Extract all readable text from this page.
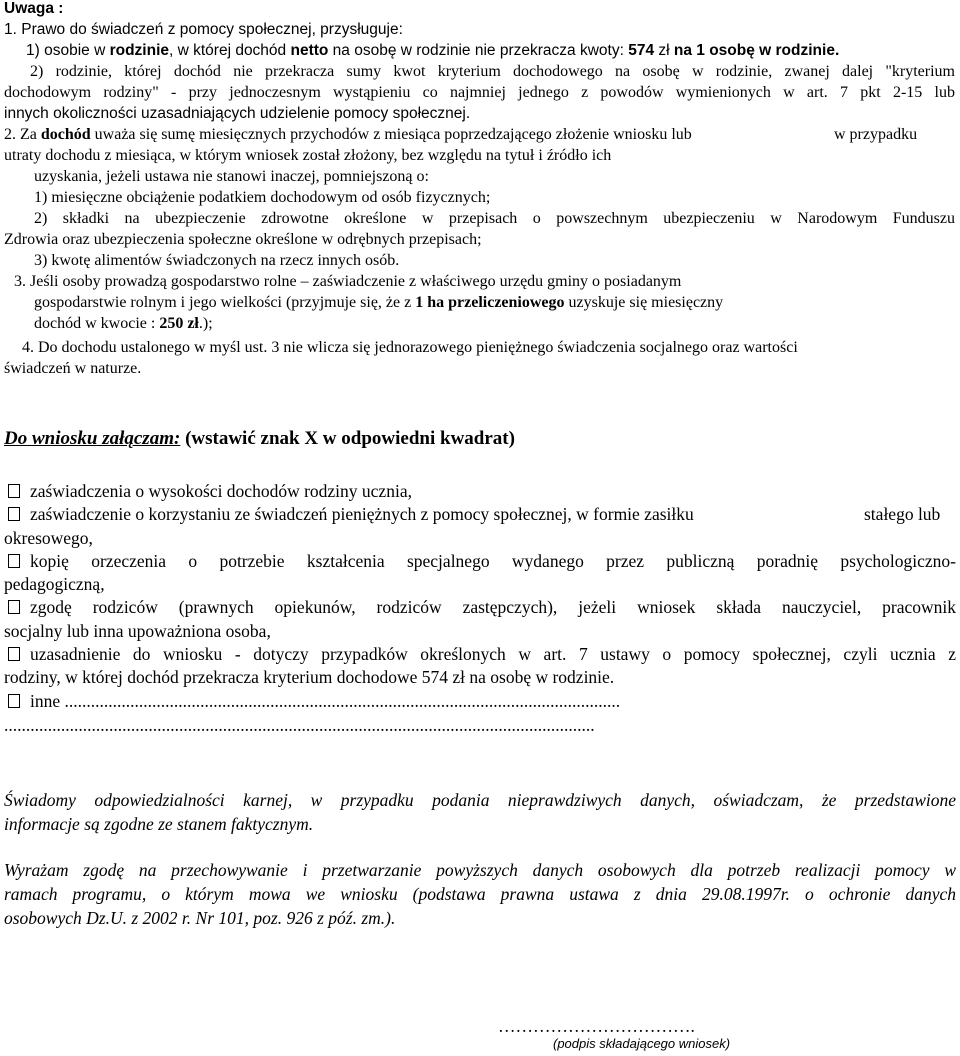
Uwaga :
1. Prawo do świadczeń z pomocy społecznej, przysługuje:
1) osobie w rodzinie, w której dochód netto na osobę w rodzinie nie przekracza kwoty: 574 zł na 1 osobę w rodzinie.
2) rodzinie, której dochód nie przekracza sumy kwot kryterium dochodowego na osobę w rodzinie, zwanej dalej "kryterium
dochodowym rodziny" - przy jednoczesnym wystąpieniu co najmniej jednego z powodów wymienionych w art. 7 pkt 2-15 lub
innych okoliczności uzasadniających udzielenie pomocy społecznej.
2. Za dochód uważa się sumę miesięcznych przychodów z miesiąca poprzedzającego złożenie wniosku lub	w przypadku
utraty dochodu z miesiąca, w którym wniosek został złożony, bez względu na tytuł i źródło ich
uzyskania, jeżeli ustawa nie stanowi inaczej, pomniejszoną o:
1) miesięczne obciążenie podatkiem dochodowym od osób fizycznych;
2) składki na ubezpieczenie zdrowotne określone w przepisach o powszechnym ubezpieczeniu w Narodowym Funduszu
Zdrowia oraz ubezpieczenia społeczne określone w odrębnych przepisach;
3) kwotę alimentów świadczonych na rzecz innych osób.
3. Jeśli osoby prowadzą gospodarstwo rolne – zaświadczenie z właściwego urzędu gminy o posiadanym
gospodarstwie rolnym i jego wielkości (przyjmuje się, że z 1 ha przeliczeniowego uzyskuje się miesięczny
dochód w kwocie : 250 zł.);
4. Do dochodu ustalonego w myśl ust. 3 nie wlicza się jednorazowego pieniężnego świadczenia socjalnego oraz wartości
świadczeń w naturze.
Do wniosku załączam: (wstawić znak X w odpowiedni kwadrat)
zaświadczenia o wysokości dochodów rodziny ucznia,
zaświadczenie o korzystaniu ze świadczeń pieniężnych z pomocy społecznej, w formie zasiłku	stałego lub
okresowego,
kopię orzeczenia o potrzebie kształcenia specjalnego wydanego przez publiczną poradnię psychologiczno-
pedagogiczną,
zgodę rodziców (prawnych opiekunów, rodziców zastępczych), jeżeli wniosek składa nauczyciel, pracownik
socjalny lub inna upoważniona osoba,
uzasadnienie do wniosku - dotyczy przypadków określonych w art. 7 ustawy o pomocy społecznej, czyli ucznia z
rodziny, w której dochód przekracza kryterium dochodowe 574 zł na osobę w rodzinie.
inne ...............................................................................................................................
.......................................................................................................................................
Świadomy odpowiedzialności karnej, w przypadku podania nieprawdziwych danych, oświadczam, że przedstawione
informacje są zgodne ze stanem faktycznym.
Wyrażam zgodę na przechowywanie i przetwarzanie powyższych danych osobowych dla potrzeb realizacji pomocy w
ramach programu, o którym mowa we wniosku (podstawa prawna ustawa z dnia 29.08.1997r. o ochronie danych
osobowych Dz.U. z 2002 r. Nr 101, poz. 926 z póź. zm.).
…………………………….
(podpis składającego wniosek)
